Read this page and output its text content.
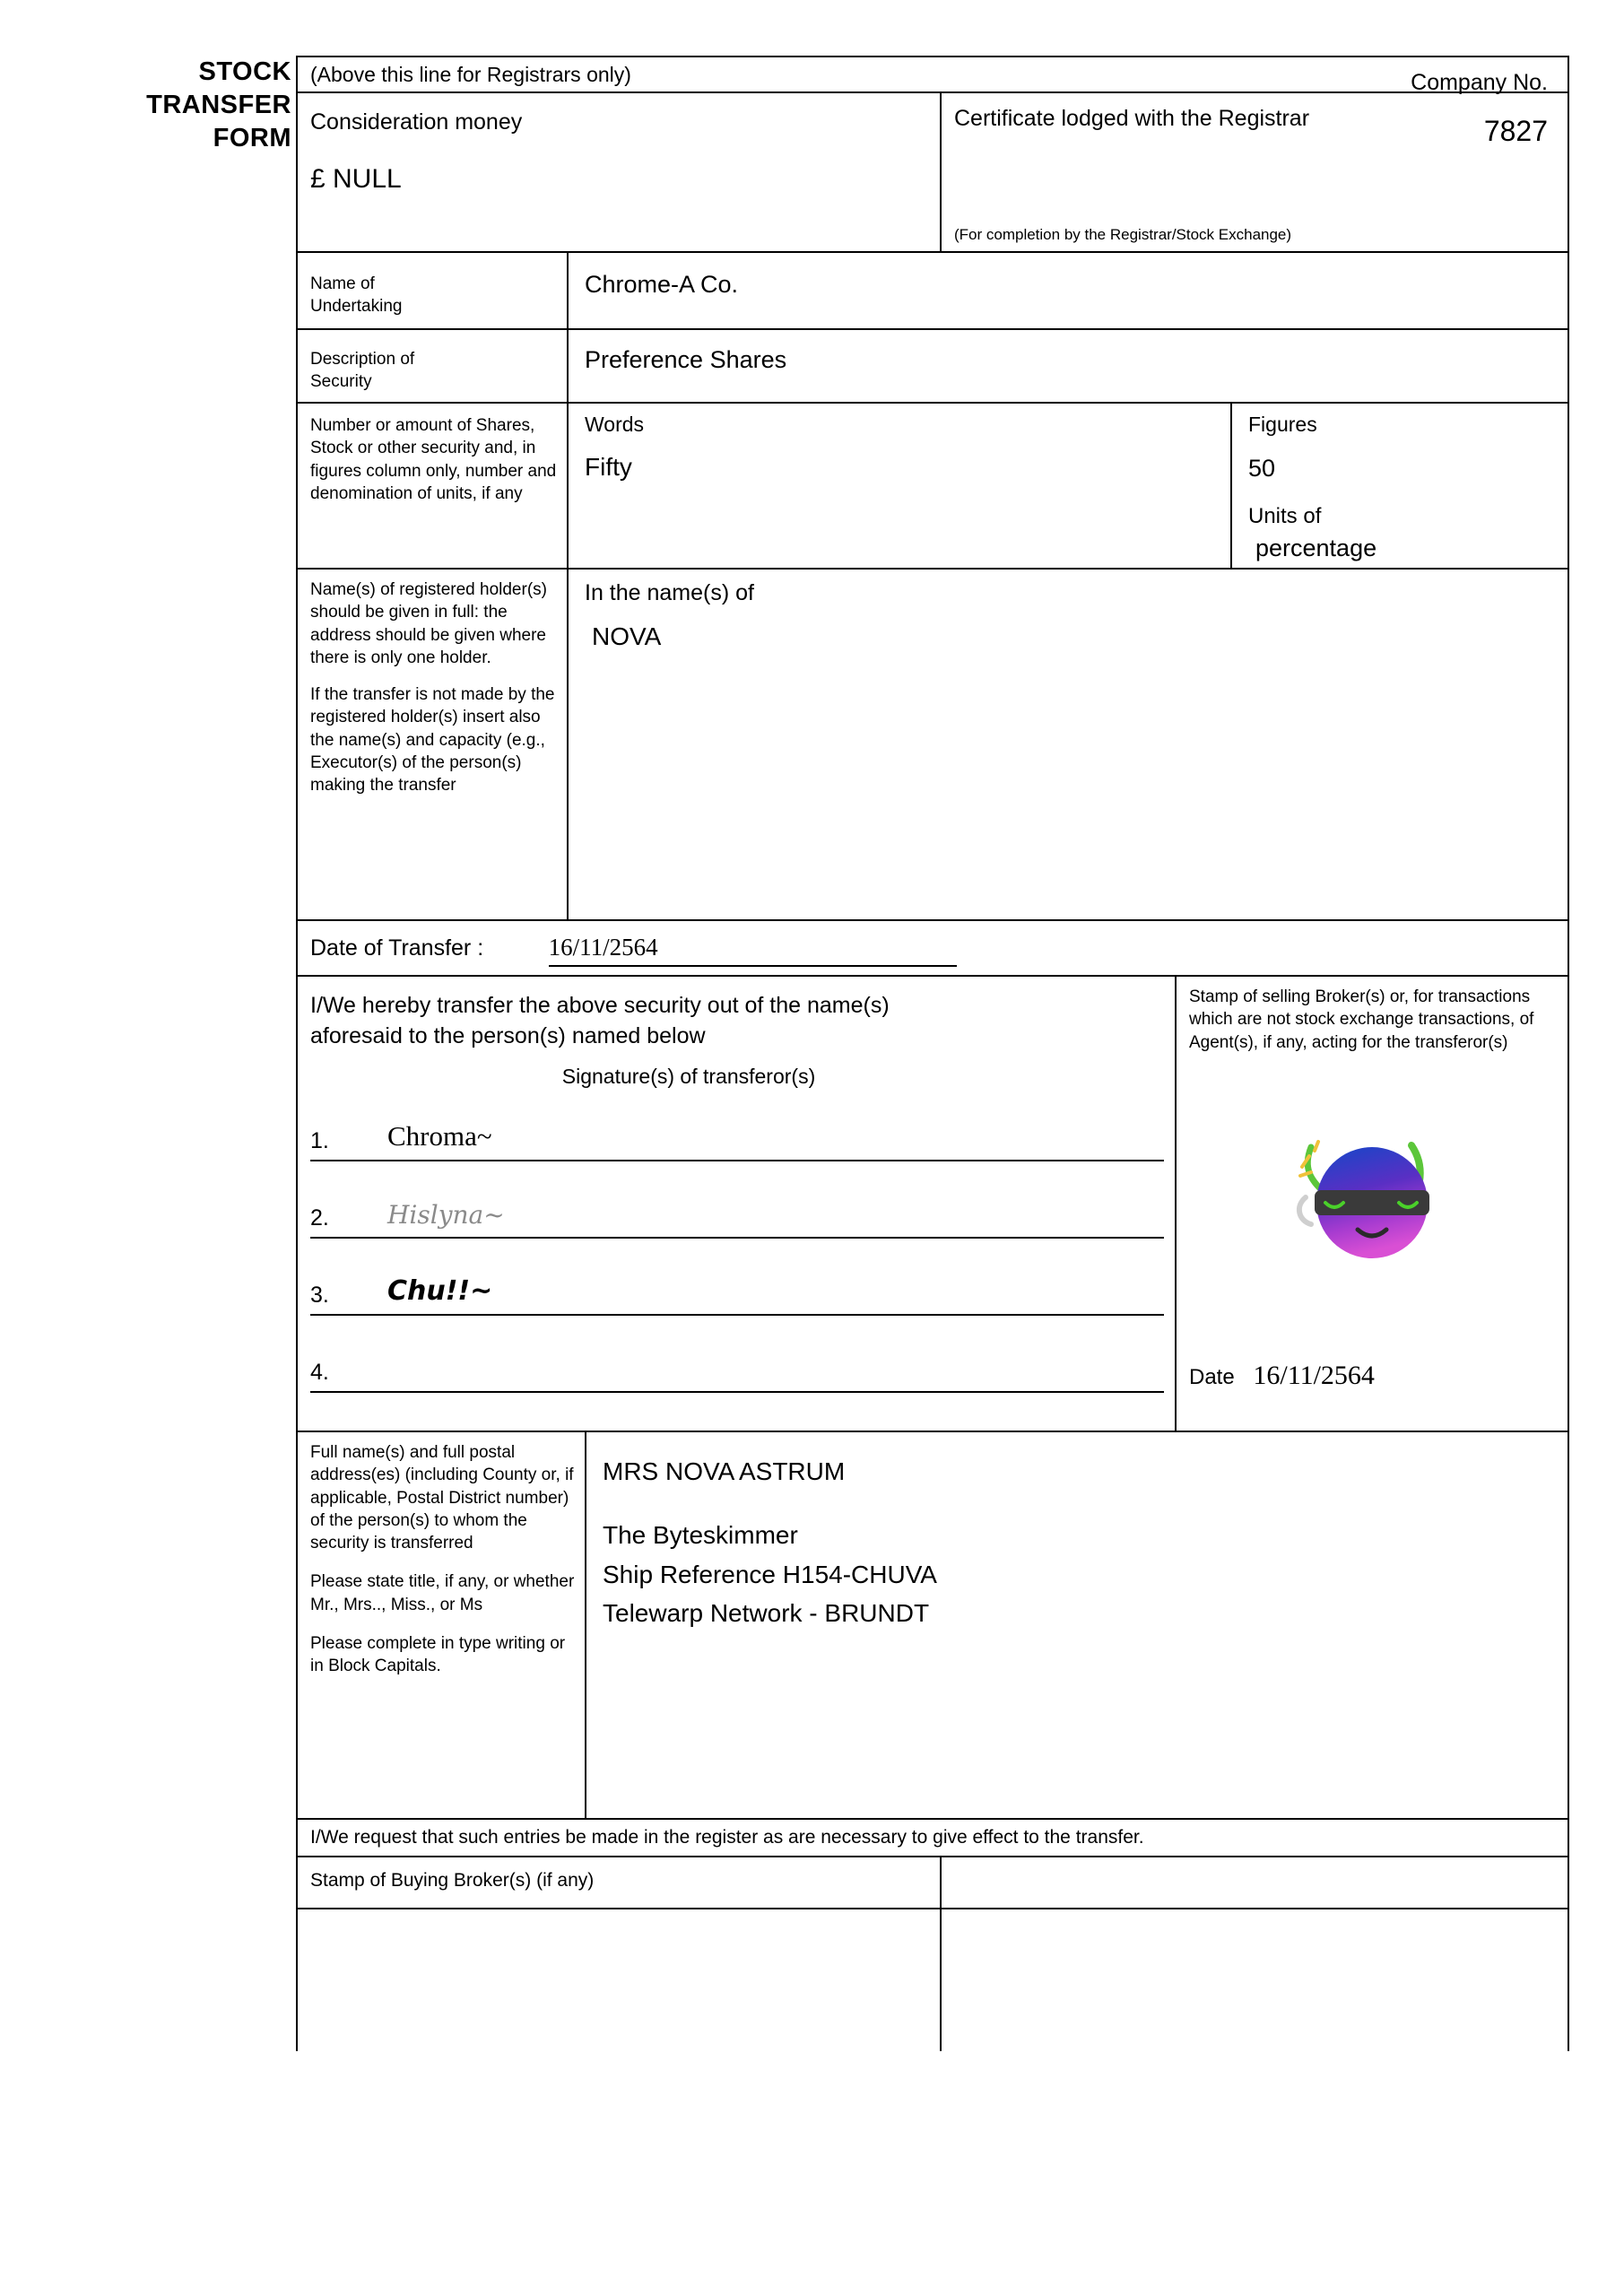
STOCK
TRANSFER
FORM
Company No.
7827
(Above this line for Registrars only)
Consideration money
£ NULL
Certificate lodged with the Registrar
(For completion by the Registrar/Stock Exchange)
Name of
Undertaking
Chrome-A Co.
Description of
Security
Preference Shares
Number or amount of Shares, Stock or other security and, in figures column only, number and denomination of units, if any
Words
Fifty
Figures
50
Units of
percentage

Name(s) of registered holder(s) should be given in full: the address should be given where there is only one holder.

If the transfer is not made by the registered holder(s) insert also the name(s) and capacity (e.g., Executor(s) of the person(s) making the transfer

In the name(s) of
NOVA
Date of Transfer :	16/11/2564
I/We hereby transfer the above security out of the name(s)
aforesaid to the person(s) named below
Signature(s) of transferor(s)
1. Chroma~
2. Hislyna~
3. Chu!!~
4.
Stamp of selling Broker(s) or, for transactions which are not stock exchange transactions, of Agent(s), if any, acting for the transferor(s)
Date 16/11/2564

Full name(s) and full postal address(es) (including County or, if applicable, Postal District number) of the person(s) to whom the security is transferred

Please state title, if any, or whether Mr., Mrs.., Miss., or Ms

Please complete in type writing or in Block Capitals.

MRS NOVA ASTRUM
The Byteskimmer
Ship Reference H154-CHUVA
Telewarp Network - BRUNDT
I/We request that such entries be made in the register as are necessary to give effect to the transfer.
Stamp of Buying Broker(s) (if any)
